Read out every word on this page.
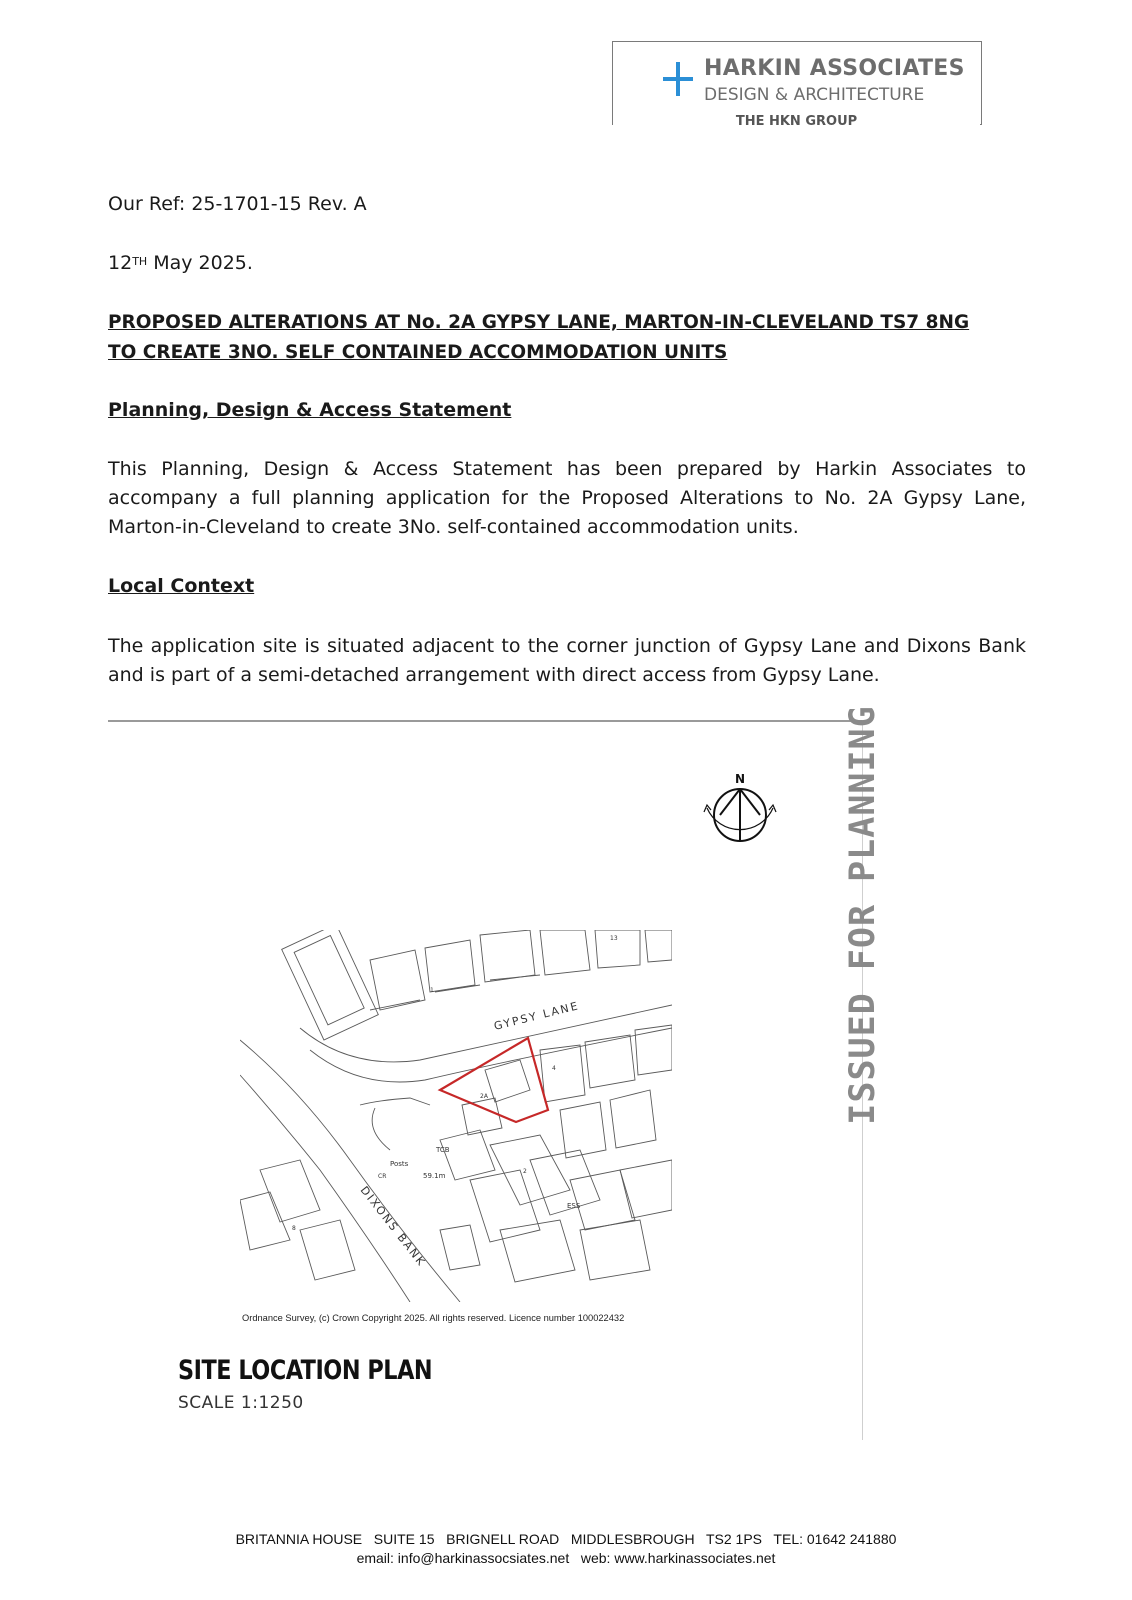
HARKIN ASSOCIATES
DESIGN & ARCHITECTURE
THE HKN GROUP
Our Ref: 25-1701-15 Rev. A
12TH May 2025.
PROPOSED ALTERATIONS AT No. 2A GYPSY LANE, MARTON-IN-CLEVELAND TS7 8NG
TO CREATE 3NO. SELF CONTAINED ACCOMMODATION UNITS
Planning, Design & Access Statement
This Planning, Design & Access Statement has been prepared by Harkin Associates to accompany a full planning application for the Proposed Alterations to No. 2A Gypsy Lane, Marton-in-Cleveland to create 3No. self-contained accommodation units.
Local Context
The application site is situated adjacent to the corner junction of Gypsy Lane and Dixons Bank and is part of a semi-detached arrangement with direct access from Gypsy Lane.
ISSUED FOR PLANNING
N
GYPSY LANE
DIXONS BANK
TCB
Posts
59.1m
ESS
CR
2A
2
4
8
1
13
Ordnance Survey, (c) Crown Copyright 2025. All rights reserved. Licence number 100022432
SITE LOCATION PLAN
SCALE 1:1250
BRITANNIA HOUSE   SUITE 15   BRIGNELL ROAD   MIDDLESBROUGH   TS2 1PS   TEL: 01642 241880
email: info@harkinassocsiates.net   web: www.harkinassociates.net
